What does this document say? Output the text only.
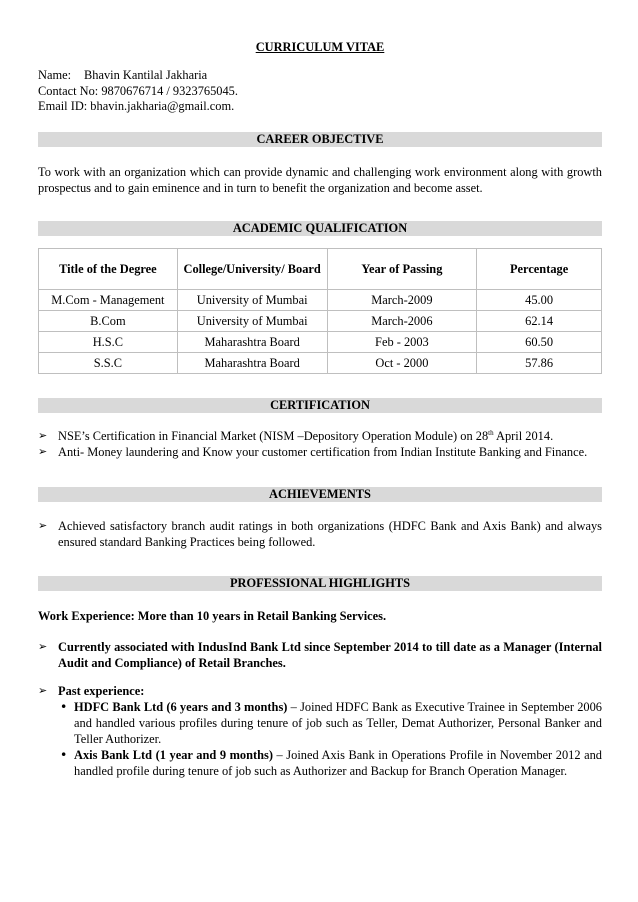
CURRICULUM VITAE
Name: Bhavin Kantilal Jakharia
Contact No: 9870676714 / 9323765045.
Email ID: bhavin.jakharia@gmail.com.
CAREER OBJECTIVE
To work with an organization which can provide dynamic and challenging work environment along with growth prospectus and to gain eminence and in turn to benefit the organization and become asset.
ACADEMIC QUALIFICATION
Title of the Degree	College/University/ Board	Year of Passing	Percentage
M.Com - Management	University of Mumbai	March-2009	45.00
B.Com	University of Mumbai	March-2006	62.14
H.S.C	Maharashtra Board	Feb - 2003	60.50
S.S.C	Maharashtra Board	Oct - 2000	57.86
CERTIFICATION
➢ NSE’s Certification in Financial Market (NISM –Depository Operation Module) on 28th April 2014.
➢ Anti- Money laundering and Know your customer certification from Indian Institute Banking and Finance.
ACHIEVEMENTS
➢ Achieved satisfactory branch audit ratings in both organizations (HDFC Bank and Axis Bank) and always ensured standard Banking Practices being followed.
PROFESSIONAL HIGHLIGHTS
Work Experience: More than 10 years in Retail Banking Services.
➢ Currently associated with IndusInd Bank Ltd since September 2014 to till date as a Manager (Internal Audit and Compliance) of Retail Branches.
➢ Past experience:
• HDFC Bank Ltd (6 years and 3 months) – Joined HDFC Bank as Executive Trainee in September 2006 and handled various profiles during tenure of job such as Teller, Demat Authorizer, Personal Banker and Teller Authorizer.
• Axis Bank Ltd (1 year and 9 months) – Joined Axis Bank in Operations Profile in November 2012 and handled profile during tenure of job such as Authorizer and Backup for Branch Operation Manager.
